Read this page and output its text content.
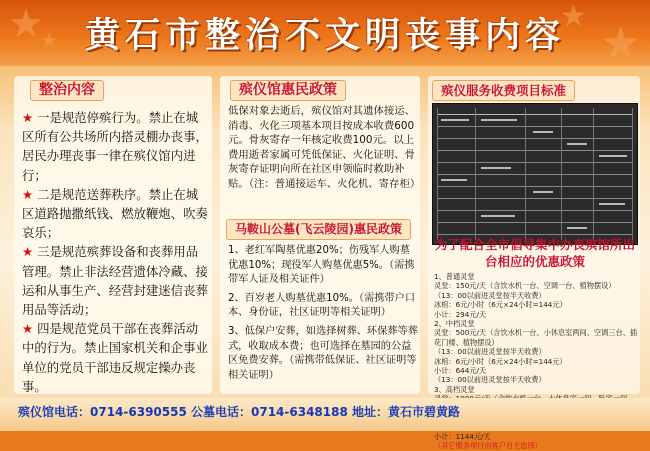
★
★
★ ★
黄石市整治不文明丧事内容
整治内容
★ 一是规范停殡行为。禁止在城区所有公共场所内搭灵棚办丧事，居民办理丧事一律在殡仪馆内进行；
★ 二是规范送葬秩序。禁止在城区道路抛撒纸钱、燃放鞭炮、吹奏哀乐；
★ 三是规范殡葬设备和丧葬用品管理。禁止非法经营遗体冷藏、接运和从事生产、经营封建迷信丧葬用品等活动；
★ 四是规范党员干部在丧葬活动中的行为。禁止国家机关和企事业单位的党员干部违反规定操办丧事。
殡仪馆惠民政策
低保对象去逝后，殡仪馆对其遗体接运、消毒、火化三项基本项目按成本收费600元。骨灰寄存一年核定收费100元。以上费用逝者家属可凭低保证、火化证明、骨灰寄存证明向所在社区申领临时救助补贴。（注：普通接运车、火化机、寄存柜）
马鞍山公墓(飞云陵园)惠民政策
1、老红军陶墓优惠20%；伤残军人购墓优惠10%；现役军人购墓优惠5%。（需携带军人证及相关证件）
2、百岁老人购墓优惠10%。（需携带户口本、身份证，社区证明等相关证明）
3、低保户安葬，如选择树葬、环保葬等葬式，收取成本费；也可选择在墓园的公益区免费安葬。（需携带低保证、社区证明等相关证明）
殡仪服务收费项目标准
为了配合全市倡导集中办丧殡馆所出台相应的优惠政策
1、普通灵堂
灵堂：150元/天（含饮水机一台、空调一台、植物摆设）
（13：00以前进灵堂按半天收费）
冰棺：6元/小时（6元×24小时=144元）
小计：294元/天
2、中档灵堂
灵堂：500元/天（含饮水机一台、小休息室两间、空调三台、插花门楼、植物摆设）
（13：00以前进灵堂按半天收费）
冰棺：6元/小时（6元×24小时=144元）
小计：644元/天
（13：00以前进灵堂按半天收费）
3、高档灵堂
小计：1144元/天
（其它服务项目由客户自主选择）
殡仪馆电话：0714-6390555 公墓电话：0714-6348188 地址：黄石市碧黄路
